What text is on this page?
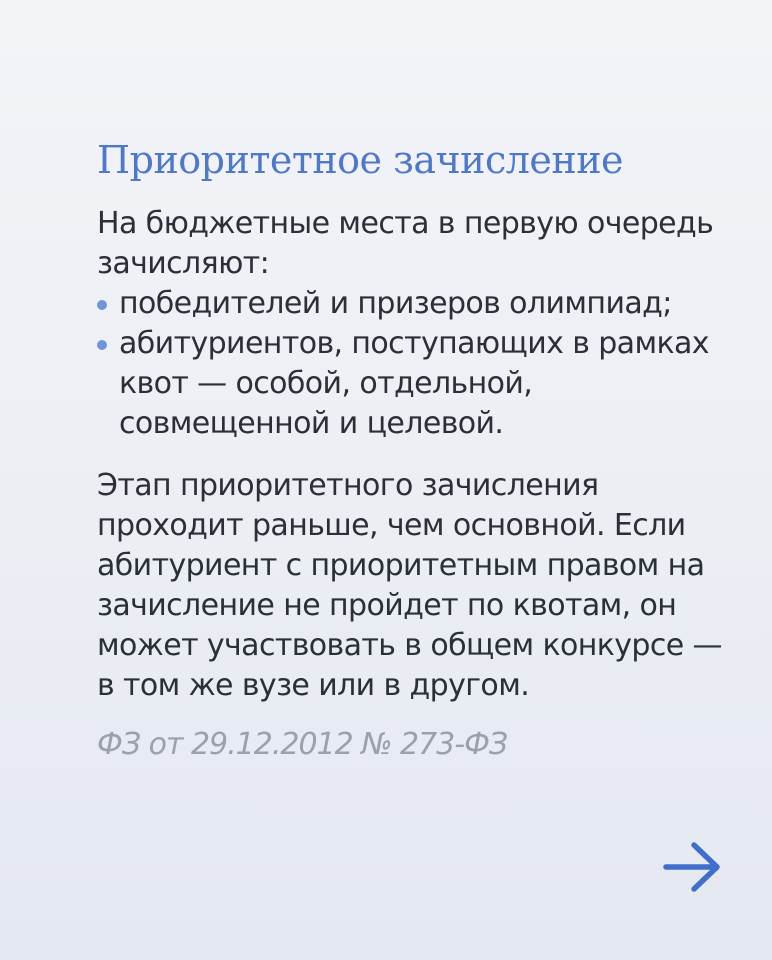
Приоритетное зачисление

На бюджетные места в первую очередь зачисляют:

победителей и призеров олимпиад;
абитуриентов, поступающих в рамках квот — особой, отдельной, совмещенной и целевой.

Этап приоритетного зачисления проходит раньше, чем основной. Если абитуриент с приоритетным правом на зачисление не пройдет по квотам, он может участвовать в общем конкурсе — в том же вузе или в другом.

ФЗ от 29.12.2012 № 273-ФЗ
